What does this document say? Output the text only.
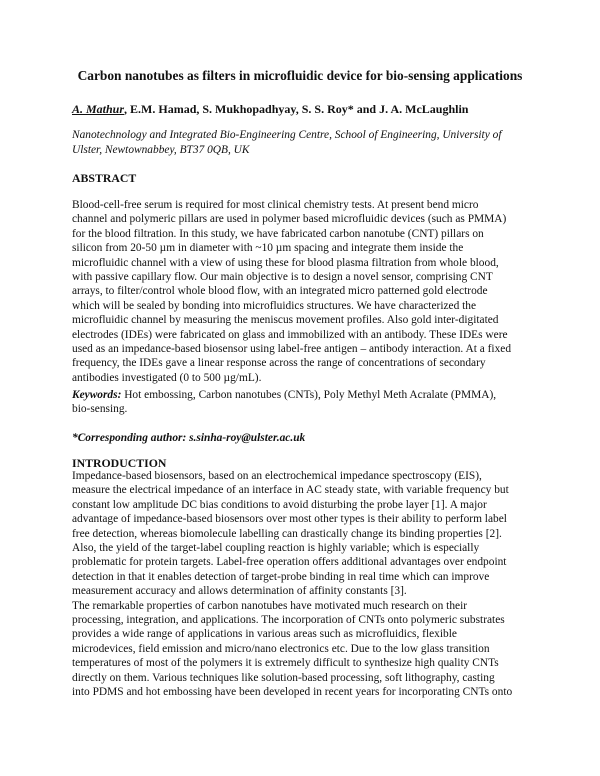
Carbon nanotubes as filters in microfluidic device for bio-sensing applications
A. Mathur, E.M. Hamad, S. Mukhopadhyay, S. S. Roy* and J. A. McLaughlin
Nanotechnology and Integrated Bio-Engineering Centre, School of Engineering, University of
Ulster, Newtownabbey, BT37 0QB, UK
ABSTRACT
Blood-cell-free serum is required for most clinical chemistry tests. At present bend micro
channel and polymeric pillars are used in polymer based microfluidic devices (such as PMMA)
for the blood filtration. In this study, we have fabricated carbon nanotube (CNT) pillars on
silicon from 20-50 µm in diameter with ~10 µm spacing and integrate them inside the
microfluidic channel with a view of using these for blood plasma filtration from whole blood,
with passive capillary flow. Our main objective is to design a novel sensor, comprising CNT
arrays, to filter/control whole blood flow, with an integrated micro patterned gold electrode
which will be sealed by bonding into microfluidics structures. We have characterized the
microfluidic channel by measuring the meniscus movement profiles. Also gold inter-digitated
electrodes (IDEs) were fabricated on glass and immobilized with an antibody. These IDEs were
used as an impedance-based biosensor using label-free antigen – antibody interaction. At a fixed
frequency, the IDEs gave a linear response across the range of concentrations of secondary
antibodies investigated (0 to 500 µg/mL).
Keywords: Hot embossing, Carbon nanotubes (CNTs), Poly Methyl Meth Acralate (PMMA),
bio-sensing.
*Corresponding author: s.sinha-roy@ulster.ac.uk
INTRODUCTION
Impedance-based biosensors, based on an electrochemical impedance spectroscopy (EIS),
measure the electrical impedance of an interface in AC steady state, with variable frequency but
constant low amplitude DC bias conditions to avoid disturbing the probe layer [1]. A major
advantage of impedance-based biosensors over most other types is their ability to perform label
free detection, whereas biomolecule labelling can drastically change its binding properties [2].
Also, the yield of the target-label coupling reaction is highly variable; which is especially
problematic for protein targets. Label-free operation offers additional advantages over endpoint
detection in that it enables detection of target-probe binding in real time which can improve
measurement accuracy and allows determination of affinity constants [3].
The remarkable properties of carbon nanotubes have motivated much research on their
processing, integration, and applications. The incorporation of CNTs onto polymeric substrates
provides a wide range of applications in various areas such as microfluidics, flexible
microdevices, field emission and micro/nano electronics etc. Due to the low glass transition
temperatures of most of the polymers it is extremely difficult to synthesize high quality CNTs
directly on them. Various techniques like solution-based processing, soft lithography, casting
into PDMS and hot embossing have been developed in recent years for incorporating CNTs onto
